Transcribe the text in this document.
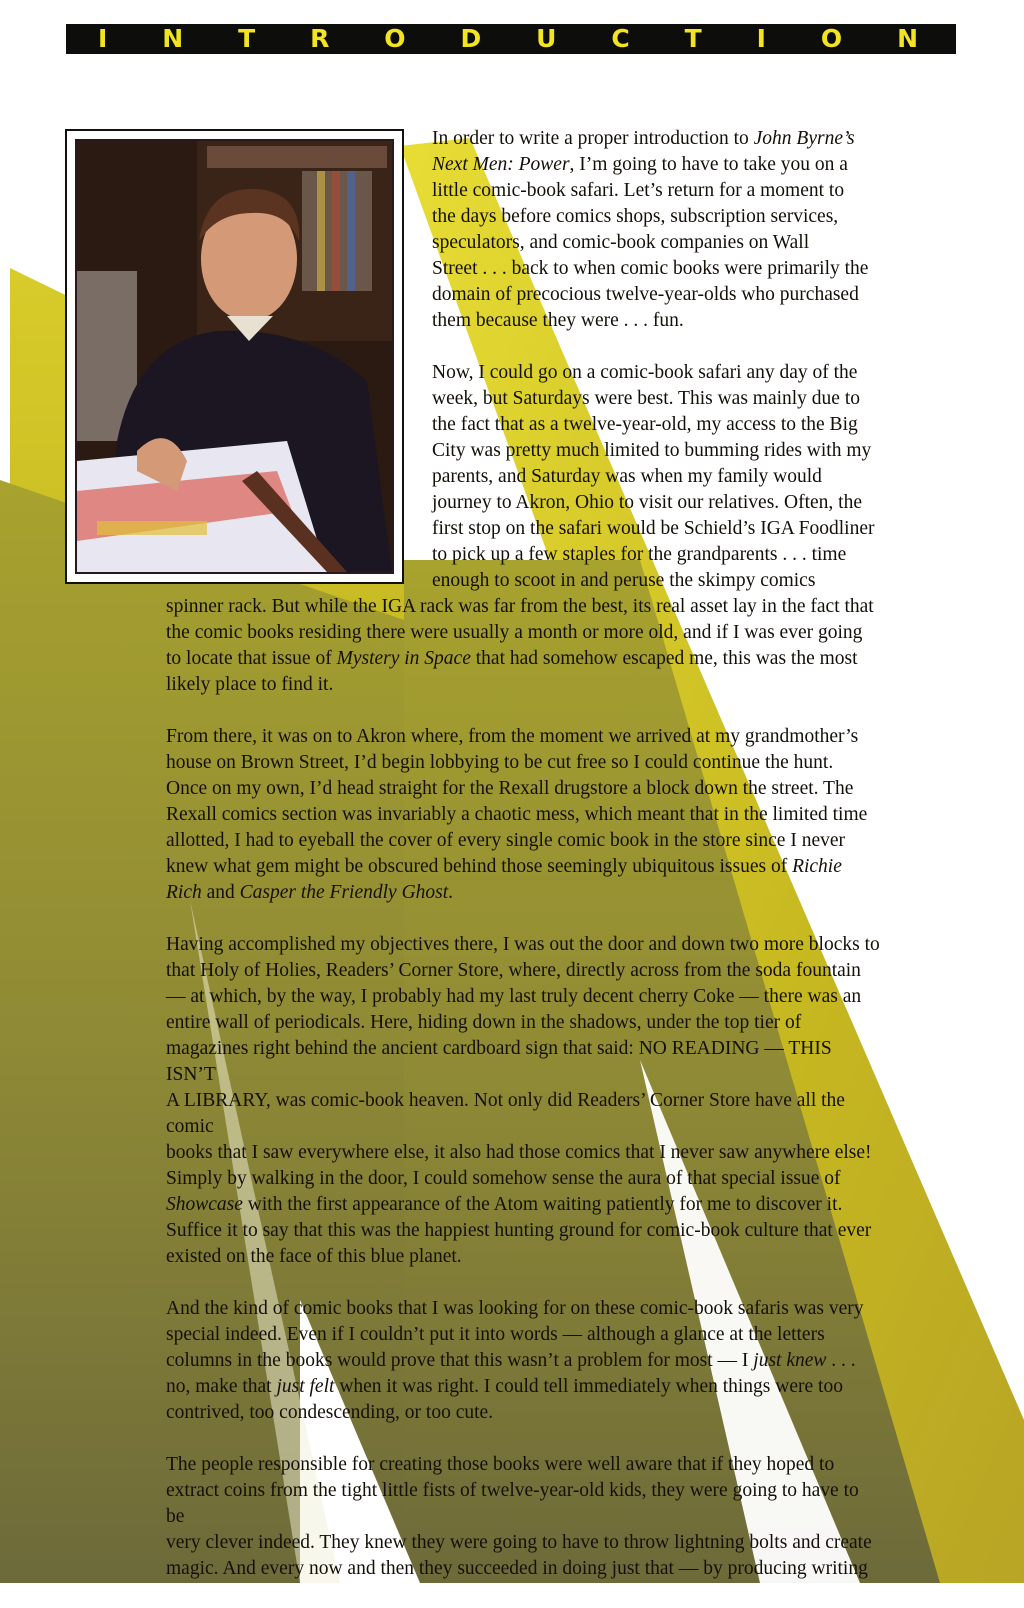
I N T R O D U C T I O N
In order to write a proper introduction to John Byrne’s
Next Men: Power, I’m going to have to take you on a
little comic-book safari. Let’s return for a moment to
the days before comics shops, subscription services,
speculators, and comic-book companies on Wall
Street . . . back to when comic books were primarily the
domain of precocious twelve-year-olds who purchased
them because they were . . . fun.
Now, I could go on a comic-book safari any day of the
week, but Saturdays were best. This was mainly due to
the fact that as a twelve-year-old, my access to the Big
City was pretty much limited to bumming rides with my
parents, and Saturday was when my family would
journey to Akron, Ohio to visit our relatives. Often, the
first stop on the safari would be Schield’s IGA Foodliner
to pick up a few staples for the grandparents . . . time
enough to scoot in and peruse the skimpy comics
spinner rack. But while the IGA rack was far from the best, its real asset lay in the fact that
the comic books residing there were usually a month or more old, and if I was ever going
to locate that issue of Mystery in Space that had somehow escaped me, this was the most
likely place to find it.

From there, it was on to Akron where, from the moment we arrived at my grandmother’s
house on Brown Street, I’d begin lobbying to be cut free so I could continue the hunt.
Once on my own, I’d head straight for the Rexall drugstore a block down the street. The
Rexall comics section was invariably a chaotic mess, which meant that in the limited time
allotted, I had to eyeball the cover of every single comic book in the store since I never
knew what gem might be obscured behind those seemingly ubiquitous issues of Richie
Rich and Casper the Friendly Ghost.

Having accomplished my objectives there, I was out the door and down two more blocks to
that Holy of Holies, Readers’ Corner Store, where, directly across from the soda fountain
— at which, by the way, I probably had my last truly decent cherry Coke — there was an
entire wall of periodicals. Here, hiding down in the shadows, under the top tier of
magazines right behind the ancient cardboard sign that said: NO READING — THIS ISN’T
A LIBRARY, was comic-book heaven. Not only did Readers’ Corner Store have all the comic
books that I saw everywhere else, it also had those comics that I never saw anywhere else!
Simply by walking in the door, I could somehow sense the aura of that special issue of
Showcase with the first appearance of the Atom waiting patiently for me to discover it.
Suffice it to say that this was the happiest hunting ground for comic-book culture that ever
existed on the face of this blue planet.

And the kind of comic books that I was looking for on these comic-book safaris was very
special indeed. Even if I couldn’t put it into words — although a glance at the letters
columns in the books would prove that this wasn’t a problem for most — I just knew . . .
no, make that just felt when it was right. I could tell immediately when things were too
contrived, too condescending, or too cute.

The people responsible for creating those books were well aware that if they hoped to
extract coins from the tight little fists of twelve-year-old kids, they were going to have to be
very clever indeed. They knew they were going to have to throw lightning bolts and create
magic. And every now and then they succeeded in doing just that — by producing writing
